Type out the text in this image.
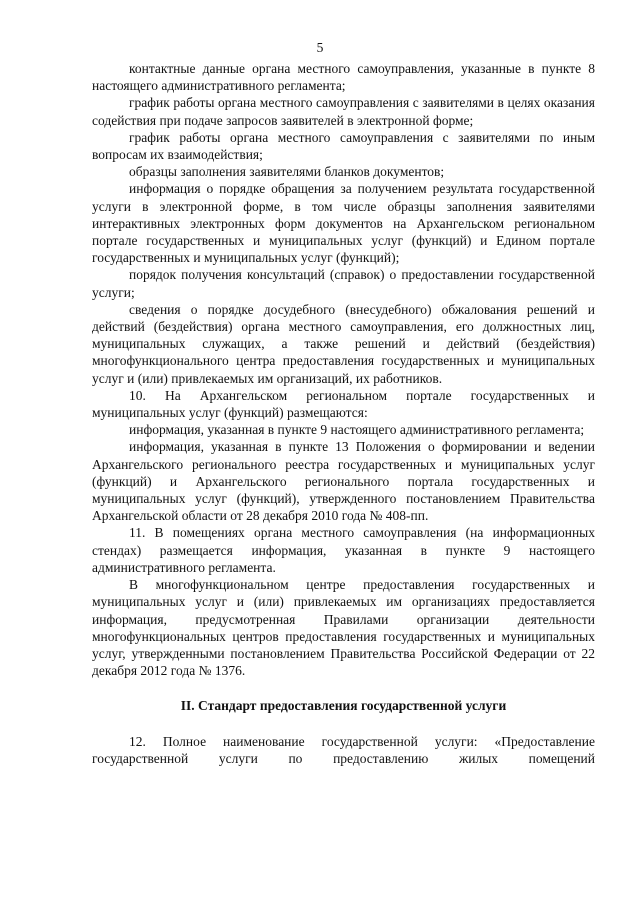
5

контактные данные органа местного самоуправления, указанные в пункте 8 настоящего административного регламента;

график работы органа местного самоуправления с заявителями в целях оказания содействия при подаче запросов заявителей в электронной форме;

график работы органа местного самоуправления с заявителями по иным вопросам их взаимодействия;

образцы заполнения заявителями бланков документов;

информация о порядке обращения за получением результата государственной услуги в электронной форме, в том числе образцы заполнения заявителями интерактивных электронных форм документов на Архангельском региональном портале государственных и муниципальных услуг (функций) и Едином портале государственных и муниципальных услуг (функций);

порядок получения консультаций (справок) о предоставлении государственной услуги;

сведения о порядке досудебного (внесудебного) обжалования решений и действий (бездействия) органа местного самоуправления, его должностных лиц, муниципальных служащих, а также решений и действий (бездействия) многофункционального центра предоставления государственных и муниципальных услуг и (или) привлекаемых им организаций, их работников.

10. На Архангельском региональном портале государственных и муниципальных услуг (функций) размещаются:

информация, указанная в пункте 9 настоящего административного регламента;

информация, указанная в пункте 13 Положения о формировании и ведении Архангельского регионального реестра государственных и муниципальных услуг (функций) и Архангельского регионального портала государственных и муниципальных услуг (функций), утвержденного постановлением Правительства Архангельской области от 28 декабря 2010 года № 408-пп.

11. В помещениях органа местного самоуправления (на информационных стендах) размещается информация, указанная в пункте 9 настоящего административного регламента.

В многофункциональном центре предоставления государственных и муниципальных услуг и (или) привлекаемых им организациях предоставляется информация, предусмотренная Правилами организации деятельности многофункциональных центров предоставления государственных и муниципальных услуг, утвержденными постановлением Правительства Российской Федерации от 22 декабря 2012 года № 1376.

II. Стандарт предоставления государственной услуги

12. Полное наименование государственной услуги: «Предоставление государственной услуги по предоставлению жилых помещений
